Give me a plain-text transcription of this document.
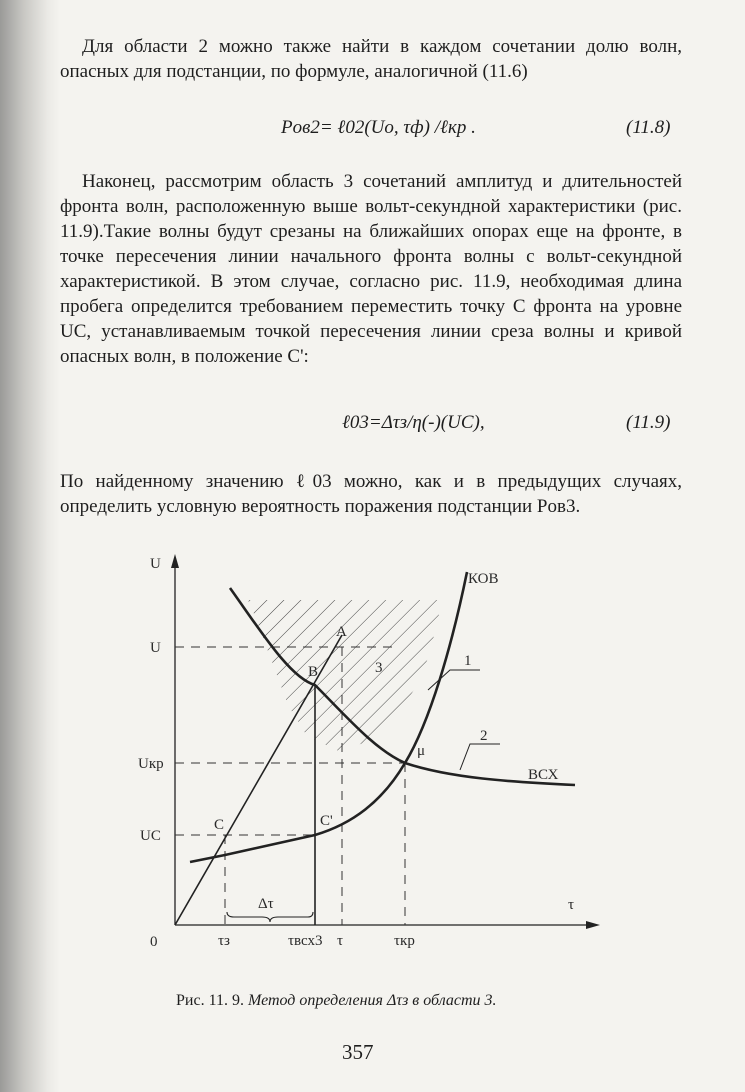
Для области 2 можно также найти в каждом сочетании долю волн, опасных для подстанции, по формуле, аналогичной (11.6)

Pов2= ℓ02(Uo, τф) /ℓкр .	(11.8)

Наконец, рассмотрим область 3 сочетаний амплитуд и длительностей фронта волн, расположенную выше вольт-секундной характеристики (рис. 11.9).Такие волны будут срезаны на ближайших опорах еще на фронте, в точке пересечения линии начального фронта волны с вольт-секундной характеристикой. В этом случае, согласно рис. 11.9, необходимая длина пробега определится требованием переместить точку C фронта на уровне UC, устанавливаемым точкой пересечения линии среза волны и кривой опасных волн, в положение C':

ℓ03=Δτз/η(-)(UC),	(11.9)

По найденному значению ℓ03 можно, как и в предыдущих случаях, определить условную вероятность поражения подстанции Pов3.

U
τ
0
U
Uкр
UC
τз	τвсх3 τ	τкр
A
B
C	C'
μ
3
КОВ
ВСХ
1
2
Δτ
Рис. 11. 9. Метод определения Δτз в области 3.
357
